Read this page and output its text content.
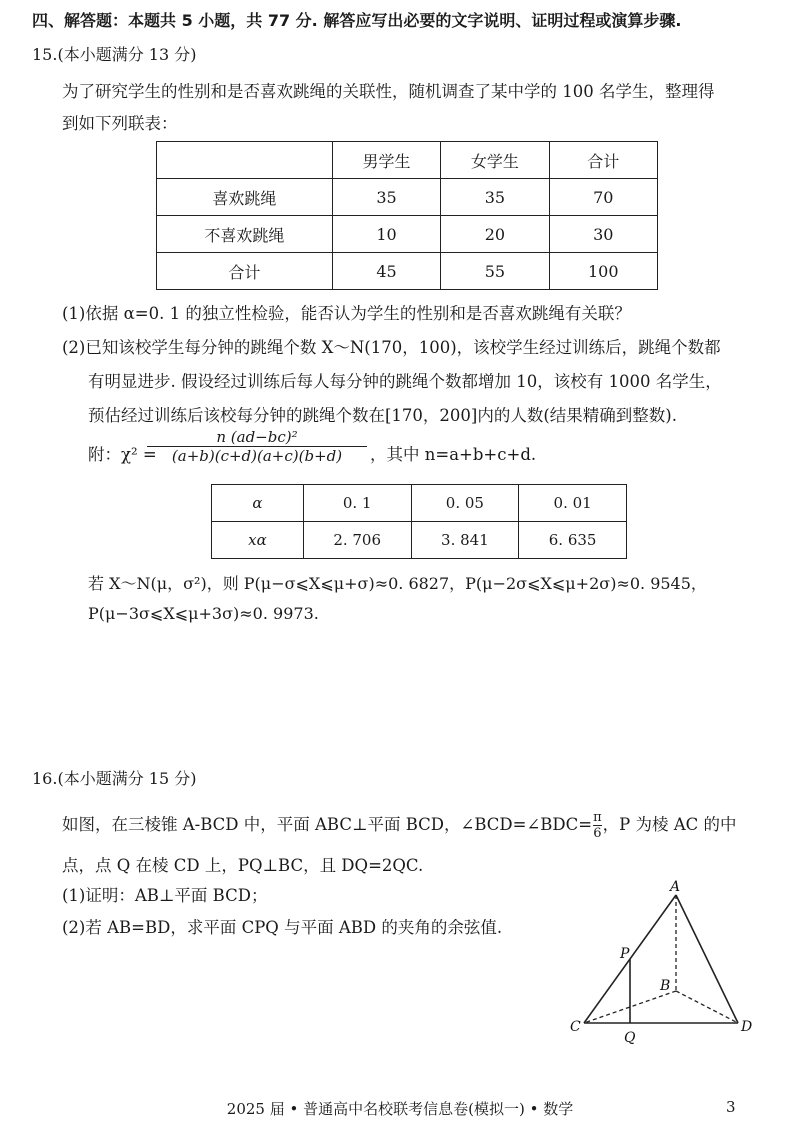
四、解答题：本题共 5 小题，共 77 分. 解答应写出必要的文字说明、证明过程或演算步骤.
15.(本小题满分 13 分)
为了研究学生的性别和是否喜欢跳绳的关联性，随机调查了某中学的 100 名学生，整理得
到如下列联表：
	男学生	女学生	合计
喜欢跳绳	35	35	70
不喜欢跳绳	10	20	30
合计	45	55	100
(1)依据 α=0. 1 的独立性检验，能否认为学生的性别和是否喜欢跳绳有关联？
(2)已知该校学生每分钟的跳绳个数 X～N(170，100)，该校学生经过训练后，跳绳个数都
有明显进步. 假设经过训练后每人每分钟的跳绳个数都增加 10，该校有 1000 名学生，
预估经过训练后该校每分钟的跳绳个数在[170，200]内的人数(结果精确到整数).
附：χ² =
$\frac{\text{n (ad−bc)²}}{(a+b)(c+d)(a+c)(b+d)}$ ，其中 n=a+b+c+d.
α	0. 1	0. 05	0. 01
xα	2. 706	3. 841	6. 635
若 X～N(μ，σ²)，则 P(μ−σ⩽X⩽μ+σ)≈0. 6827，P(μ−2σ⩽X⩽μ+2σ)≈0. 9545，
P(μ−3σ⩽X⩽μ+3σ)≈0. 9973.
16.(本小题满分 15 分)
如图，在三棱锥 A-BCD 中，平面 ABC⊥平面 BCD，∠BCD=∠BDC= $\frac{\pi}{6}$ ，P 为棱 AC 的中
点，点 Q 在棱 CD 上，PQ⊥BC，且 DQ=2QC.
(1)证明：AB⊥平面 BCD；
(2)若 AB=BD，求平面 CPQ 与平面 ABD 的夹角的余弦值.
A
B
C	D
P
Q
2025 届 • 普通高中名校联考信息卷(模拟一) • 数学	3
